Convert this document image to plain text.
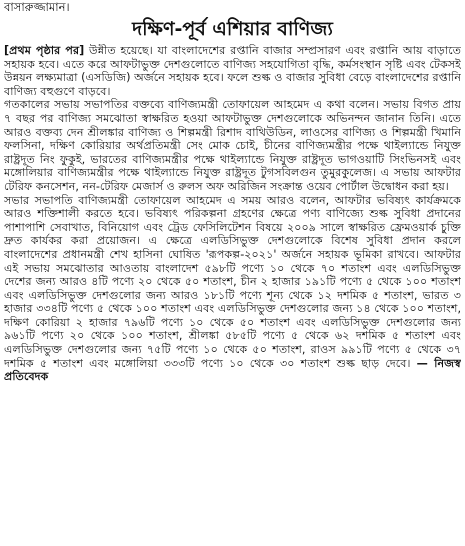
বাসারুজ্জামান।
দক্ষিণ-পূর্ব এশিয়ার বাণিজ্য

[প্রথম পৃষ্ঠার পর] উন্নীত হয়েছে। যা বাংলাদেশের রপ্তানি বাজার সম্প্রসারণ এবং রপ্তানি আয় বাড়াতে সহায়ক হবে। এতে করে আফটাভুক্ত দেশগুলোতে বাণিজ্য সহযোগিতা বৃদ্ধি, কর্মসংস্থান সৃষ্টি এবং টেকসই উন্নয়ন লক্ষ্যমাত্রা (এসডিজি) অর্জনে সহায়ক হবে। ফলে শুল্ক ও বাজার সুবিধা বেড়ে বাংলাদেশের রপ্তানি বাণিজ্য বহুগুণে বাড়বে।

গতকালের সভায় সভাপতির বক্তব্যে বাণিজ্যমন্ত্রী তোফায়েল আহমেদ এ কথা বলেন। সভায় বিগত প্রায় ৭ বছর পর বাণিজ্য সমঝোতা স্বাক্ষরিত হওয়া আফটাভুক্ত দেশগুলোকে অভিনন্দন জানান তিনি। এতে আরও বক্তব্য দেন শ্রীলঙ্কার বাণিজ্য ও শিল্পমন্ত্রী রিশাদ বাথিউডিন, লাওসের বাণিজ্য ও শিল্পমন্ত্রী খিমানি ফলসিনা, দক্ষিণ কোরিয়ার অর্থপ্রতিমন্ত্রী সেং মোক চোই, চীনের বাণিজ্যমন্ত্রীর পক্ষে থাইল্যান্ডে নিযুক্ত রাষ্ট্রদূত নিং ফুকুই, ভারতের বাণিজ্যমন্ত্রীর পক্ষে থাইল্যান্ডে নিযুক্ত রাষ্ট্রদূত ভাগওয়াটি সিংভিনসই এবং মঙ্গোলিয়ার বাণিজ্যমন্ত্রীর পক্ষে থাইল্যান্ডে নিযুক্ত রাষ্ট্রদূত টুগসবিলগুন তুমুরকুলেজ। এ সভায় আফটার টেরিফ কনসেশন, নন-টেরিফ মেজার্স ও রুলস অফ অরিজিন সংক্রান্ত ওয়েব পোর্টাল উদ্বোধন করা হয়।

সভার সভাপতি বাণিজ্যমন্ত্রী তোফায়েল আহমেদ এ সময় আরও বলেন, আফটার ভবিষ্যৎ কার্যক্রমকে আরও শক্তিশালী করতে হবে। ভবিষ্যৎ পরিকল্পনা গ্রহণের ক্ষেত্রে পণ্য বাণিজ্যে শুল্ক সুবিধা প্রদানের পাশাপাশি সেবাখাত, বিনিয়োগ এবং ট্রেড ফেসিলিটেশন বিষয়ে ২০০৯ সালে স্বাক্ষরিত ফ্রেমওয়ার্ক চুক্তি দ্রুত কার্যকর করা প্রয়োজন। এ ক্ষেত্রে এলডিসিভুক্ত দেশগুলোকে বিশেষ সুবিধা প্রদান করলে বাংলাদেশের প্রধানমন্ত্রী শেখ হাসিনা ঘোষিত 'রূপকল্প-২০২১' অর্জনে সহায়ক ভূমিকা রাখবে। আফটার এই সভায় সমঝোতার আওতায় বাংলাদেশ ৫৯৮টি পণ্যে ১০ থেকে ৭০ শতাংশ এবং এলডিসিভুক্ত দেশের জন্য আরও ৪টি পণ্যে ২০ থেকে ৫০ শতাংশ, চীন ২ হাজার ১৯১টি পণ্যে ৫ থেকে ১০০ শতাংশ এবং এলডিসিভুক্ত দেশগুলোর জন্য আরও ১৮১টি পণ্যে শূন্য থেকে ১২ দশমিক ৫ শতাংশ, ভারত ৩ হাজার ৩৩৪টি পণ্যে ৫ থেকে ১০০ শতাংশ এবং এলডিসিভুক্ত দেশগুলোর জন্য ১৪ থেকে ১০০ শতাংশ, দক্ষিণ কোরিয়া ২ হাজার ৭৯৬টি পণ্যে ১০ থেকে ৫০ শতাংশ এবং এলডিসিভুক্ত দেশগুলোর জন্য ৯৬১টি পণ্যে ২০ থেকে ১০০ শতাংশ, শ্রীলঙ্কা ৫৮৫টি পণ্যে ৫ থেকে ৬২ দশমিক ৫ শতাংশ এবং এলডিসিভুক্ত দেশগুলোর জন্য ৭৫টি পণ্যে ১০ থেকে ৫০ শতাংশ, রাওস ৯৯১টি পণ্যে ৫ থেকে ৩৭ দশমিক ৫ শতাংশ এবং মঙ্গোলিয়া ৩৩৩টি পণ্যে ১০ থেকে ৩০ শতাংশ শুল্ক ছাড় দেবে। — নিজস্ব প্রতিবেদক
